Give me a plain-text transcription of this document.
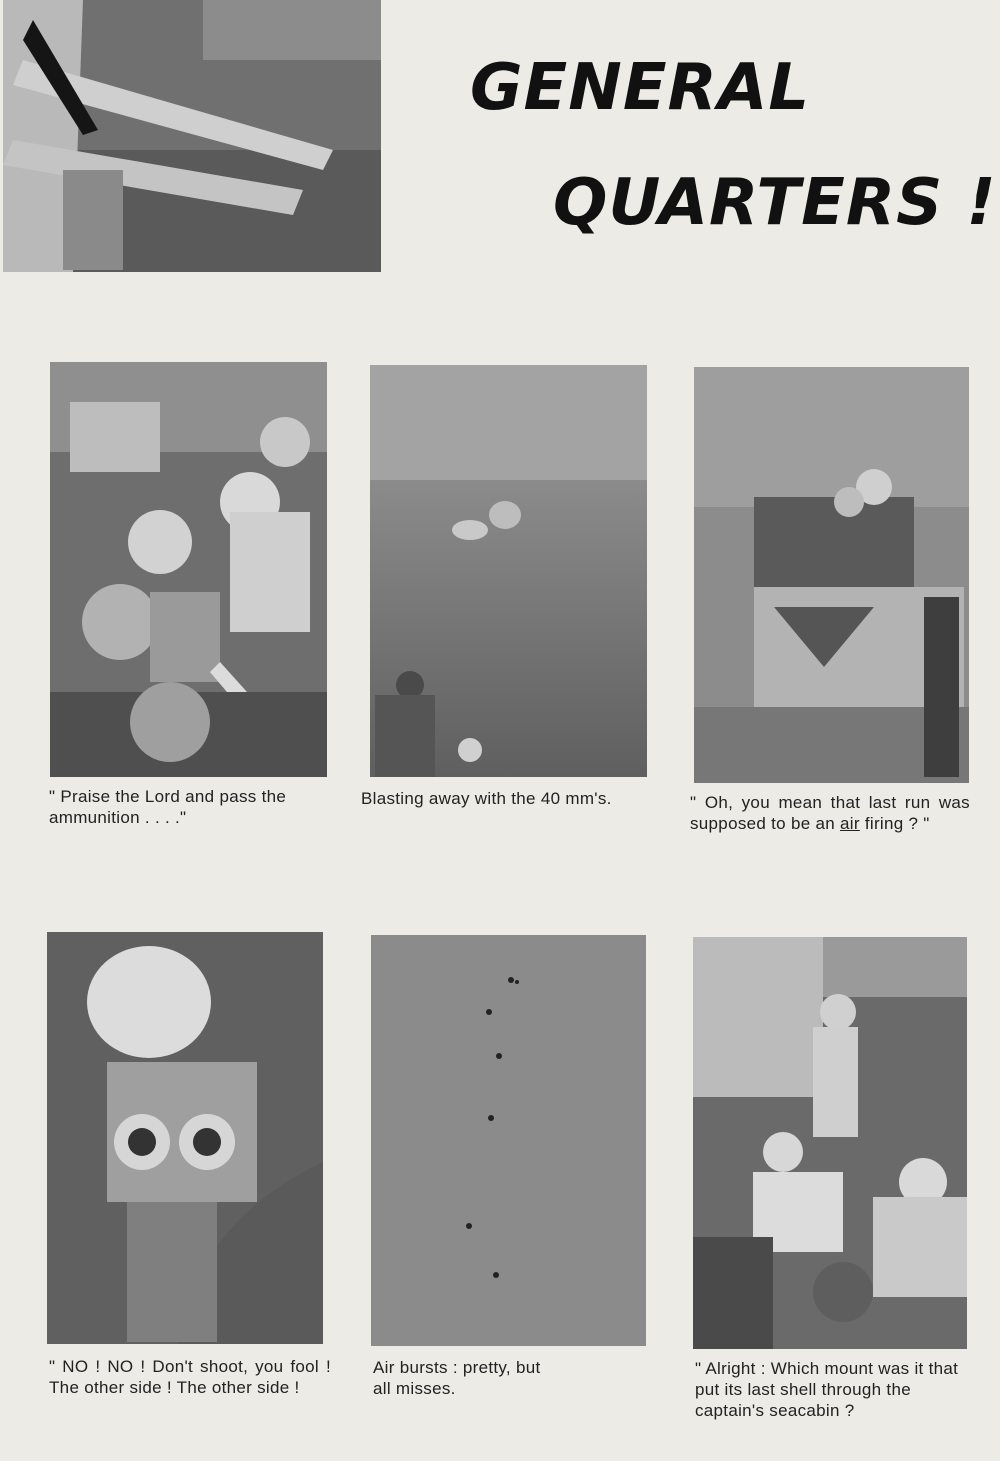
GENERAL
QUARTERS !
" Praise the Lord and pass the ammunition . . . ."
Blasting away with the 40 mm's.	" Oh, you mean that last run was supposed to be an air firing ? "
" NO ! NO ! Don't shoot, you fool ! The other side ! The other side !
Air bursts : pretty, but all misses.
" Alright : Which mount was it that put its last shell through the captain's seacabin ?
